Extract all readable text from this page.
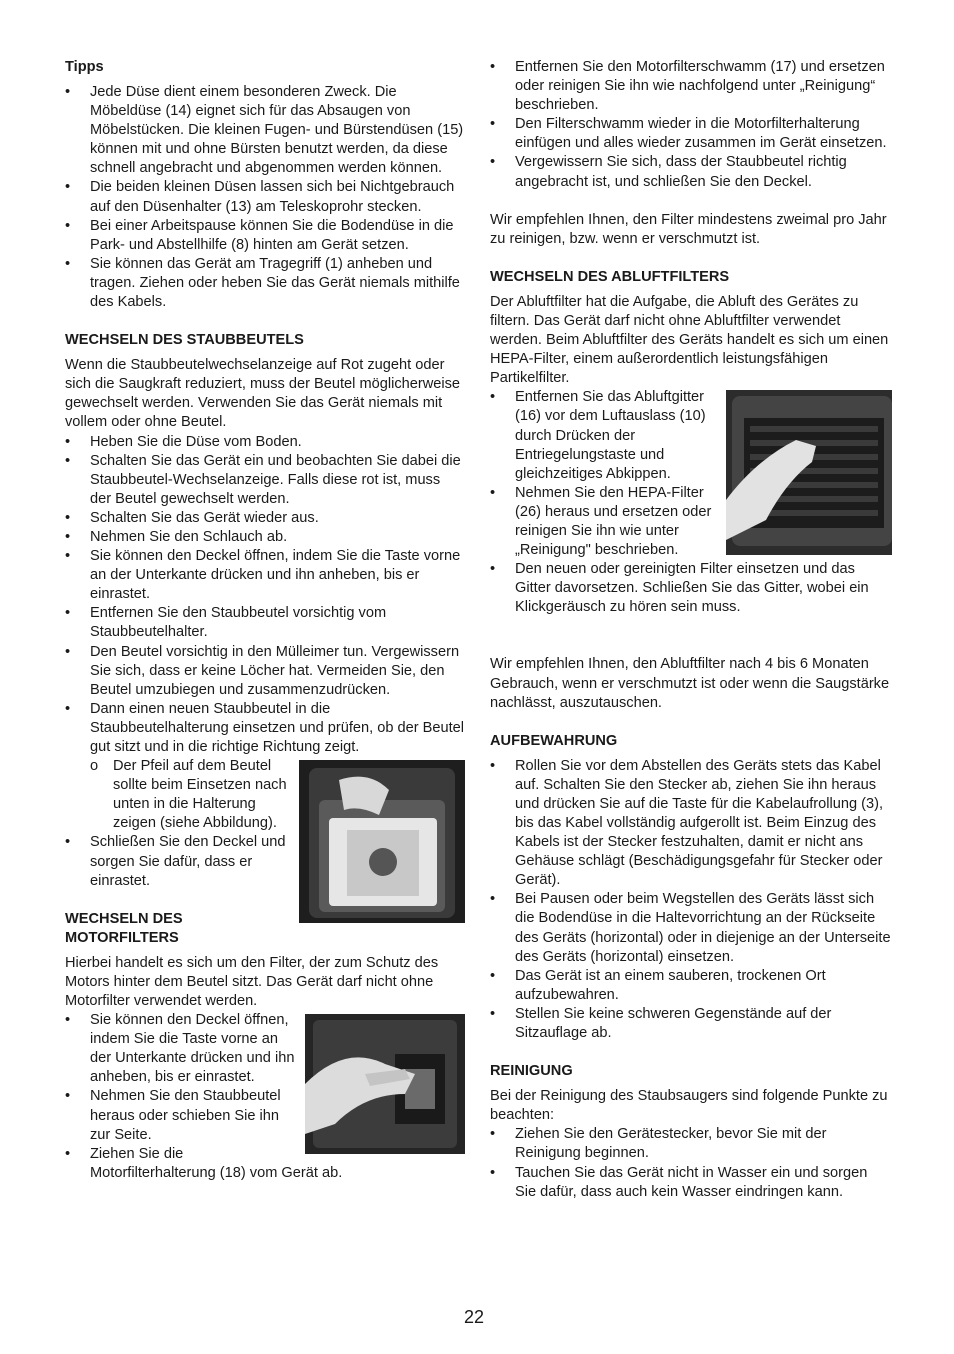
Tipps
• Jede Düse dient einem besonderen Zweck. Die Möbeldüse (14) eignet sich für das Absaugen von Möbelstücken. Die kleinen Fugen- und Bürstendüsen (15) können mit und ohne Bürsten benutzt werden, da diese schnell angebracht und abgenommen werden können.
• Die beiden kleinen Düsen lassen sich bei Nichtgebrauch auf den Düsenhalter (13) am Teleskoprohr stecken.
• Bei einer Arbeitspause können Sie die Bodendüse in die Park- und Abstellhilfe (8) hinten am Gerät setzen.
• Sie können das Gerät am Tragegriff (1) anheben und tragen. Ziehen oder heben Sie das Gerät niemals mithilfe des Kabels.
WECHSELN DES STAUBBEUTELS

Wenn die Staubbeutelwechselanzeige auf Rot zugeht oder sich die Saugkraft reduziert, muss der Beutel möglicherweise gewechselt werden. Verwenden Sie das Gerät niemals mit vollem oder ohne Beutel.

• Heben Sie die Düse vom Boden.
• Schalten Sie das Gerät ein und beobachten Sie dabei die Staubbeutel-Wechselanzeige. Falls diese rot ist, muss der Beutel gewechselt werden.
• Schalten Sie das Gerät wieder aus.
• Nehmen Sie den Schlauch ab.
• Sie können den Deckel öffnen, indem Sie die Taste vorne an der Unterkante drücken und ihn anheben, bis er einrastet.
• Entfernen Sie den Staubbeutel vorsichtig vom Staubbeutelhalter.
• Den Beutel vorsichtig in den Mülleimer tun. Vergewissern Sie sich, dass er keine Löcher hat. Vermeiden Sie, den Beutel umzubiegen und zusammenzudrücken.
• Dann einen neuen Staubbeutel in die Staubbeutelhalterung einsetzen und prüfen, ob der Beutel gut sitzt und in die richtige Richtung zeigt.
o Der Pfeil auf dem Beutel sollte beim Einsetzen nach unten in die Halterung zeigen (siehe Abbildung).
• Schließen Sie den Deckel und sorgen Sie dafür, dass er einrastet.
WECHSELN DES MOTORFILTERS

Hierbei handelt es sich um den Filter, der zum Schutz des Motors hinter dem Beutel sitzt. Das Gerät darf nicht ohne Motorfilter verwendet werden.

• Sie können den Deckel öffnen, indem Sie die Taste vorne an der Unterkante drücken und ihn anheben, bis er einrastet.
• Nehmen Sie den Staubbeutel heraus oder schieben Sie ihn zur Seite.
• Ziehen Sie die Motorfilterhalterung (18) vom Gerät ab.
• Entfernen Sie den Motorfilterschwamm (17) und ersetzen oder reinigen Sie ihn wie nachfolgend unter „Reinigung“ beschrieben.
• Den Filterschwamm wieder in die Motorfilterhalterung einfügen und alles wieder zusammen im Gerät einsetzen.
• Vergewissern Sie sich, dass der Staubbeutel richtig angebracht ist, und schließen Sie den Deckel.

Wir empfehlen Ihnen, den Filter mindestens zweimal pro Jahr zu reinigen, bzw. wenn er verschmutzt ist.

WECHSELN DES ABLUFTFILTERS

Der Abluftfilter hat die Aufgabe, die Abluft des Gerätes zu filtern. Das Gerät darf nicht ohne Abluftfilter verwendet werden. Beim Abluftfilter des Geräts handelt es sich um einen HEPA-Filter, einem außerordentlich leistungsfähigen Partikelfilter.

• Entfernen Sie das Abluftgitter (16) vor dem Luftauslass (10) durch Drücken der Entriegelungstaste und gleichzeitiges Abkippen.
• Nehmen Sie den HEPA-Filter (26) heraus und ersetzen oder reinigen Sie ihn wie unter „Reinigung" beschrieben.
• Den neuen oder gereinigten Filter einsetzen und das Gitter davorsetzen. Schließen Sie das Gitter, wobei ein Klickgeräusch zu hören sein muss.

Wir empfehlen Ihnen, den Abluftfilter nach 4 bis 6 Monaten Gebrauch, wenn er verschmutzt ist oder wenn die Saugstärke nachlässt, auszutauschen.

AUFBEWAHRUNG
• Rollen Sie vor dem Abstellen des Geräts stets das Kabel auf. Schalten Sie den Stecker ab, ziehen Sie ihn heraus und drücken Sie auf die Taste für die Kabelaufrollung (3), bis das Kabel vollständig aufgerollt ist. Beim Einzug des Kabels ist der Stecker festzuhalten, damit er nicht ans Gehäuse schlägt (Beschädigungsgefahr für Stecker oder Gerät).
• Bei Pausen oder beim Wegstellen des Geräts lässt sich die Bodendüse in die Haltevorrichtung an der Rückseite des Geräts (horizontal) oder in diejenige an der Unterseite des Geräts (horizontal) einsetzen.
• Das Gerät ist an einem sauberen, trockenen Ort aufzubewahren.
• Stellen Sie keine schweren Gegenstände auf der Sitzauflage ab.
REINIGUNG

Bei der Reinigung des Staubsaugers sind folgende Punkte zu beachten:

• Ziehen Sie den Gerätestecker, bevor Sie mit der Reinigung beginnen.
• Tauchen Sie das Gerät nicht in Wasser ein und sorgen Sie dafür, dass auch kein Wasser eindringen kann.
22
